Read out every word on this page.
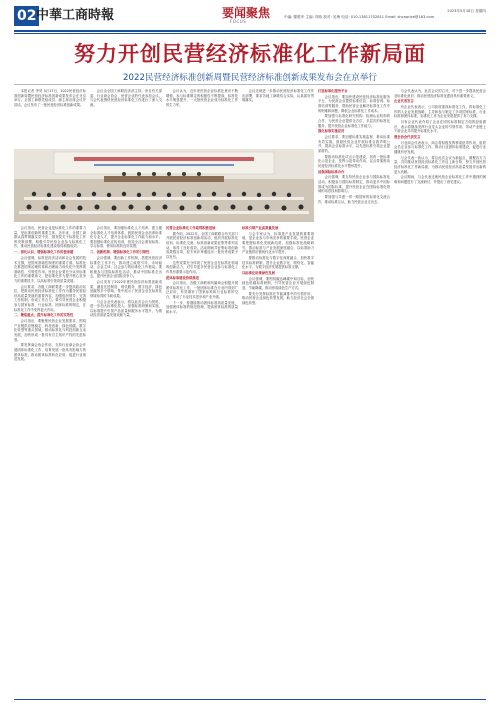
02 中華工商時報	要闻聚焦
FOCUS
中编: 滕胜华 主编: 胡伟 校对: 吴梅 电话: 010-13811752811 Email: zhcaprice@163.com
2023年5月18日 星期四
努力开创民营经济标准化工作新局面
2022民营经济标准创新周暨民营经济标准创新成果发布会在京举行

本报记者 李昊 5月17日，2022民营经济标准创新周暨民营经济标准创新成果发布会在北京举行。全国工商联党组成员、副主席出席会议并讲话。会议发布了一批民营经济标准创新成果。

会议由全国工商联经济部主持。来自有关部委、行业商会协会、民营企业的代表参加会议。与会代表围绕民营经济标准化工作进行了深入交流。

会议认为，近年来民营企业标准化意识不断增强，参与标准制定的积极性不断提高，标准化水平明显提升，一大批民营企业成为标准化工作的生力军。

会议还就进一步推动民营经济标准化工作作出部署，要求各地工商联结合实际，认真抓好贯彻落实。

会议指出，民营企业是标准化工作的重要力量，是标准创新的重要主体。近年来，全国工商联认真贯彻落实党中央、国务院关于标准化工作的决策部署，积极引导民营企业参与标准化工作，推动民营经济标准化建设取得积极成效。

一、深化认识，增强标准化工作的使命感

会议强调，标准是经济活动和社会发展的技术支撑，是国家基础性制度的重要方面。标准化在推进国家治理体系和治理能力现代化中发挥着基础性、引领性作用。民营企业要充分认识标准化工作的重要意义，把标准化作为提升核心竞争力的重要抓手，以高标准引领高质量发展。

会议要求，各级工商联要进一步提高政治站位，把推动民营经济标准化工作作为服务民营经济高质量发展的重要内容，加强组织领导，完善工作机制，形成工作合力。要引导民营企业积极参与国家标准、行业标准、团体标准的制定，在标准化工作中发挥更大作用。

二、聚焦重点，提升标准化工作的实效性

会议指出，要聚焦民营企业发展需求，围绕产业链供应链稳定、科技创新、绿色低碳、数字化转型等重点领域，推动标准化与科技创新互动发展，加快形成一批具有自主知识产权的先进标准。

要发挥商会协会作用，支持行业商会协会开展团体标准化工作，培育发展一批具有影响力的团体标准，推动团体标准转化应用，促进行业规范发展。

会议指出，要加强标准化人才培养，建立健全标准化人才培养体系，鼓励民营企业培养标准化专业人才，提升企业标准化工作能力和水平。要加强标准化宣传培训，营造全社会重视标准、学习标准、使用标准的良好氛围。

三、创新机制，增强标准化工作的引领性

会议强调，要创新工作机制，搭建民营经济标准化工作平台，推动建立政府引导、市场驱动、企业主体、社会参与的标准化工作格局。要积极参与国际标准化活动，推动中国标准走出去，提升民营企业国际竞争力。

会议发布了2022年度民营经济标准创新成果，涵盖先进制造、现代服务、数字经济、绿色低碳等多个领域，集中展示了民营企业在标准化领域取得的丰硕成果。

与会企业代表表示，将以此次会议为契机，进一步加大标准化投入，加强标准研制和实施，以标准提升引领产品质量和服务水平提升，为推动经济高质量发展贡献力量。

民营企业标准化工作取得积极进展

据介绍，2022年，全国工商联联合有关部门开展民营经济标准创新周活动，组织开展标准化培训、标准化交流、标准创新成果征集等系列活动，取得了良好成效。活动期间共征集标准创新成果数百项，经专家评审遴选出一批优秀成果予以发布。

这些成果充分体现了民营企业在标准化领域的创新活力，对引导更多民营企业参与标准化工作具有重要示范作用。

团体标准建设持续推进

会议指出，各级工商联和所属商会积极开展团体标准化工作，一批团体标准在行业内得到广泛应用，有效填补了国家标准和行业标准的空白，推动了行业技术进步和产业升级。

下一步，将继续推动团体标准高质量发展，加强团体标准的规范管理，提高团体标准的质量和水平。

标准引领产业高质量发展

与会专家认为，标准是产业发展的重要基础，是企业参与市场竞争的重要手段。民营企业要把握标准化发展新趋势，加强标准化战略研究，推动标准与产业发展深度融合，以标准助力产业链供应链现代化水平提升。

要推动标准化与数字化深度融合，加快数字技术标准研制，提升企业数字化、网络化、智能化水平，为数字经济发展提供标准支撑。

以标准化助推绿色发展

会议强调，要围绕碳达峰碳中和目标，加快绿色低碳标准研制，引导民营企业开展绿色制造、节能降碳，推动形成绿色生产方式。

要充分发挥标准在节能减排中的引领作用，推动民营企业绿色转型发展，助力经济社会全面绿色转型。

打造标准化服务平台

会议指出，要加快建设民营经济标准化服务平台，为民营企业提供标准信息、标准咨询、标准培训等服务，帮助民营企业解决标准化工作中的困难和问题，降低企业标准化工作成本。

要加强与标准化研究机构、检测认证机构的合作，为民营企业提供全方位、多层次的标准化服务，提升民营企业标准化工作能力。

强化标准实施应用

会议要求，要加强标准实施监督，推动标准有效实施。鼓励民营企业开展标准自我声明公开，提高企业标准水平，以先进标准引领企业提质增效。

要推动标准化试点示范建设，培育一批标准化示范企业，发挥示范带动作用，以点带面推动民营经济标准化水平整体提升。

加强国际标准合作

会议强调，要支持民营企业参与国际标准化活动，积极参与国际标准制定，推动更多中国标准成为国际标准，提升民营企业在国际标准化领域的话语权和影响力。

要加强与共建一带一路国家的标准化交流合作，推动标准互认，助力民营企业走出去。

与会代表认为，此次会议的召开，对于进一步提高民营企业标准化意识、推动民营经济标准化建设具有重要意义。

企业代表发言

有企业代表表示，公司高度重视标准化工作，将标准化工作纳入企业发展战略，主导和参与制定了多项国家标准、行业标准和团体标准，标准化工作为企业发展提供了有力支撑。

另有企业代表介绍了企业在团体标准制定方面的经验做法，表示将继续发挥行业龙头企业的引领作用，带动产业链上下游企业共同提升标准化水平。

商会协会代表发言

行业商会代表表示，商会将积极发挥桥梁纽带作用，组织会员企业参与标准化工作，推动行业团体标准建设，促进行业健康有序发展。

与会代表一致认为，要以此次会议为新起点，凝聚各方力量，共同推动民营经济标准化工作迈上新台阶，努力开创民营经济标准化工作新局面，为推动民营经济高质量发展作出新的更大贡献。

会议期间，与会代表还就民营企业标准化工作中遇到的困难和问题进行了交流研讨，并提出了意见建议。
